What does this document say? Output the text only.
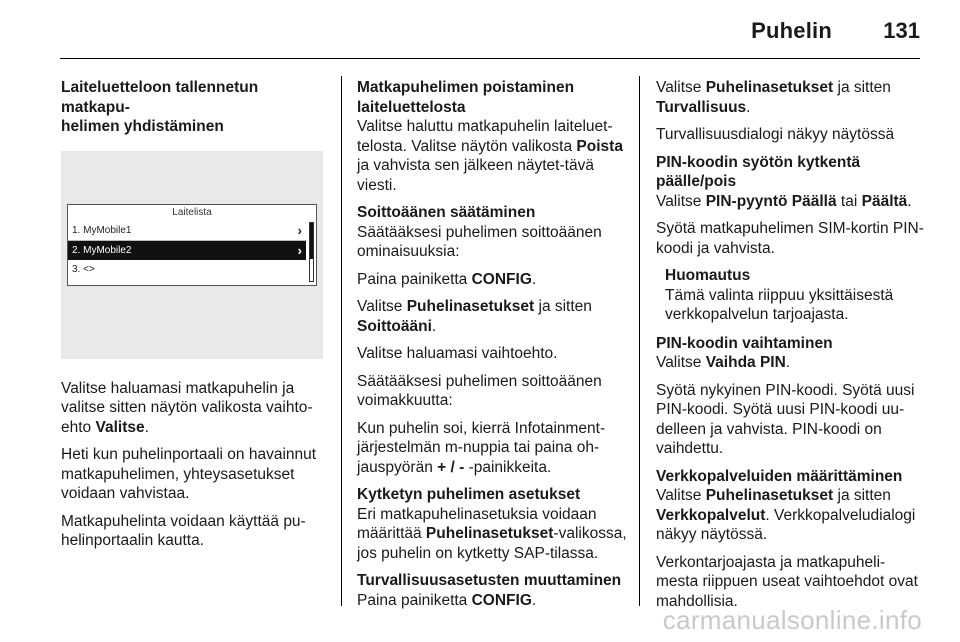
Puhelin 131

Laiteluetteloon tallennetun matkapu-
helimen yhdistäminen

Laitelista
1. MyMobile1	›
2. MyMobile2	›
3. <>

Valitse haluamasi matkapuhelin ja valitse sitten näytön valikosta vaihto-ehto Valitse.

Heti kun puhelinportaali on havainnut matkapuhelimen, yhteysasetukset voidaan vahvistaa.

Matkapuhelinta voidaan käyttää pu-helinportaalin kautta.

Matkapuhelimen poistaminen laiteluettelosta

Valitse haluttu matkapuhelin laiteluet-telosta. Valitse näytön valikosta Poista ja vahvista sen jälkeen näytet-tävä viesti.

Soittoäänen säätäminen

Säätääksesi puhelimen soittoäänen ominaisuuksia:

Paina painiketta CONFIG.

Valitse Puhelinasetukset ja sitten Soittoääni.

Valitse haluamasi vaihtoehto.

Säätääksesi puhelimen soittoäänen voimakkuutta:

Kun puhelin soi, kierrä Infotainment-järjestelmän m-nuppia tai paina oh-jauspyörän + / - -painikkeita.

Kytketyn puhelimen asetukset

Eri matkapuhelinasetuksia voidaan määrittää Puhelinasetukset-valikossa, jos puhelin on kytketty SAP-tilassa.

Turvallisuusasetusten muuttaminen

Paina painiketta CONFIG.

Valitse Puhelinasetukset ja sitten Turvallisuus.

Turvallisuusdialogi näkyy näytössä

PIN-koodin syötön kytkentä päälle/pois

Valitse PIN-pyyntö Päällä tai Päältä.

Syötä matkapuhelimen SIM-kortin PIN-koodi ja vahvista.

Huomautus
Tämä valinta riippuu yksittäisestä verkkopalvelun tarjoajasta.

PIN-koodin vaihtaminen

Valitse Vaihda PIN.

Syötä nykyinen PIN-koodi. Syötä uusi PIN-koodi. Syötä uusi PIN-koodi uu-delleen ja vahvista. PIN-koodi on vaihdettu.

Verkkopalveluiden määrittäminen

Valitse Puhelinasetukset ja sitten Verkkopalvelut. Verkkopalveludialogi näkyy näytössä.

Verkontarjoajasta ja matkapuheli-mesta riippuen useat vaihtoehdot ovat mahdollisia.

carmanualsonline.info
